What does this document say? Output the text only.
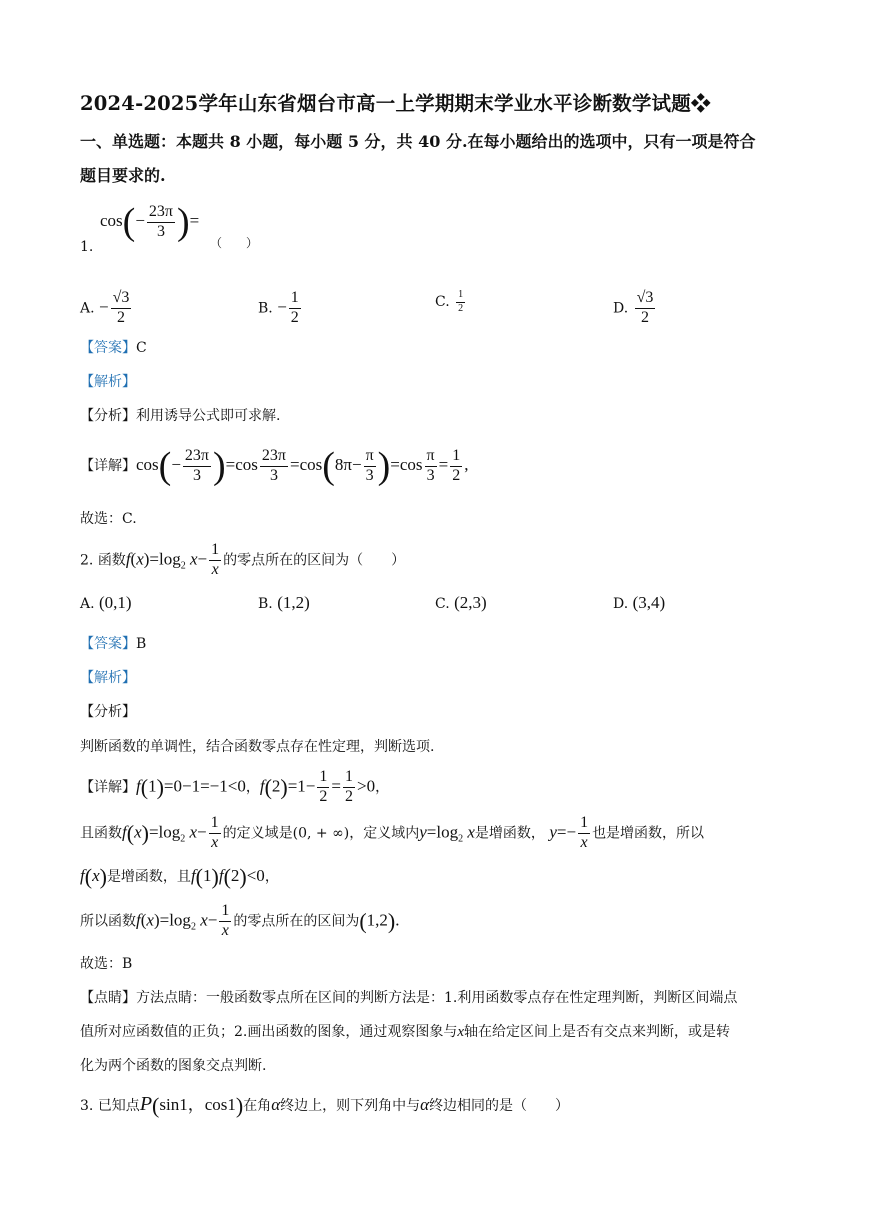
2024-2025学年山东省烟台市高一上学期期末学业水平诊断数学试题❖
一、单选题：本题共 8 小题，每小题 5 分，共 40 分.在每小题给出的选项中，只有一项是符合
题目要求的.
$\cos(- \frac{23\pi}{3}$ )=
1.	（　　）
A. − $\frac{√3}{2}$	B. − $\frac{1}{2}$	C. $\frac{1}{2}$	D. $\frac{√3}{2}$
【答案】C
【解析】
【分析】利用诱导公式即可求解.
【详解】$\cos(- \frac{23\pi}{3} )=\cos \frac{23\pi}{3} =\cos(8\pi- \frac{\pi}{3} )=\cos \frac{\pi}{3} = \frac{1}{2}$ ,
故选：C.
2. 函数$f(x)=\log_2$ $x- \frac{1}{x}$ 的零点所在的区间为（　　）
A. (0,1)	B. (1,2)	C. (2,3)	D. (3,4)
【答案】B
【解析】
【分析】
判断函数的单调性，结合函数零点存在性定理，判断选项.
【详解】f(1)=0−1=−1<0，$f(2)=1- \frac{1}{2} = \frac{1}{2} >0$，
且函数$f(x)=\log_2$ $x- \frac{1}{x}$ 的定义域是(0, + ∞)，定义域内$y=\log_2$ x是增函数， $y=- \frac{1}{x}$ 也是增函数，所以
f(x)是增函数，且f(1)f(2)<0，
所以函数$f(x)=\log_2$ $x- \frac{1}{x}$ 的零点所在的区间为(1,2).
故选：B
【点睛】方法点睛：一般函数零点所在区间的判断方法是：1.利用函数零点存在性定理判断，判断区间端点
值所对应函数值的正负；2.画出函数的图象，通过观察图象与x轴在给定区间上是否有交点来判断，或是转
化为两个函数的图象交点判断.
3. 已知点P(sin1，cos1)在角α终边上，则下列角中与α终边相同的是（　　）
